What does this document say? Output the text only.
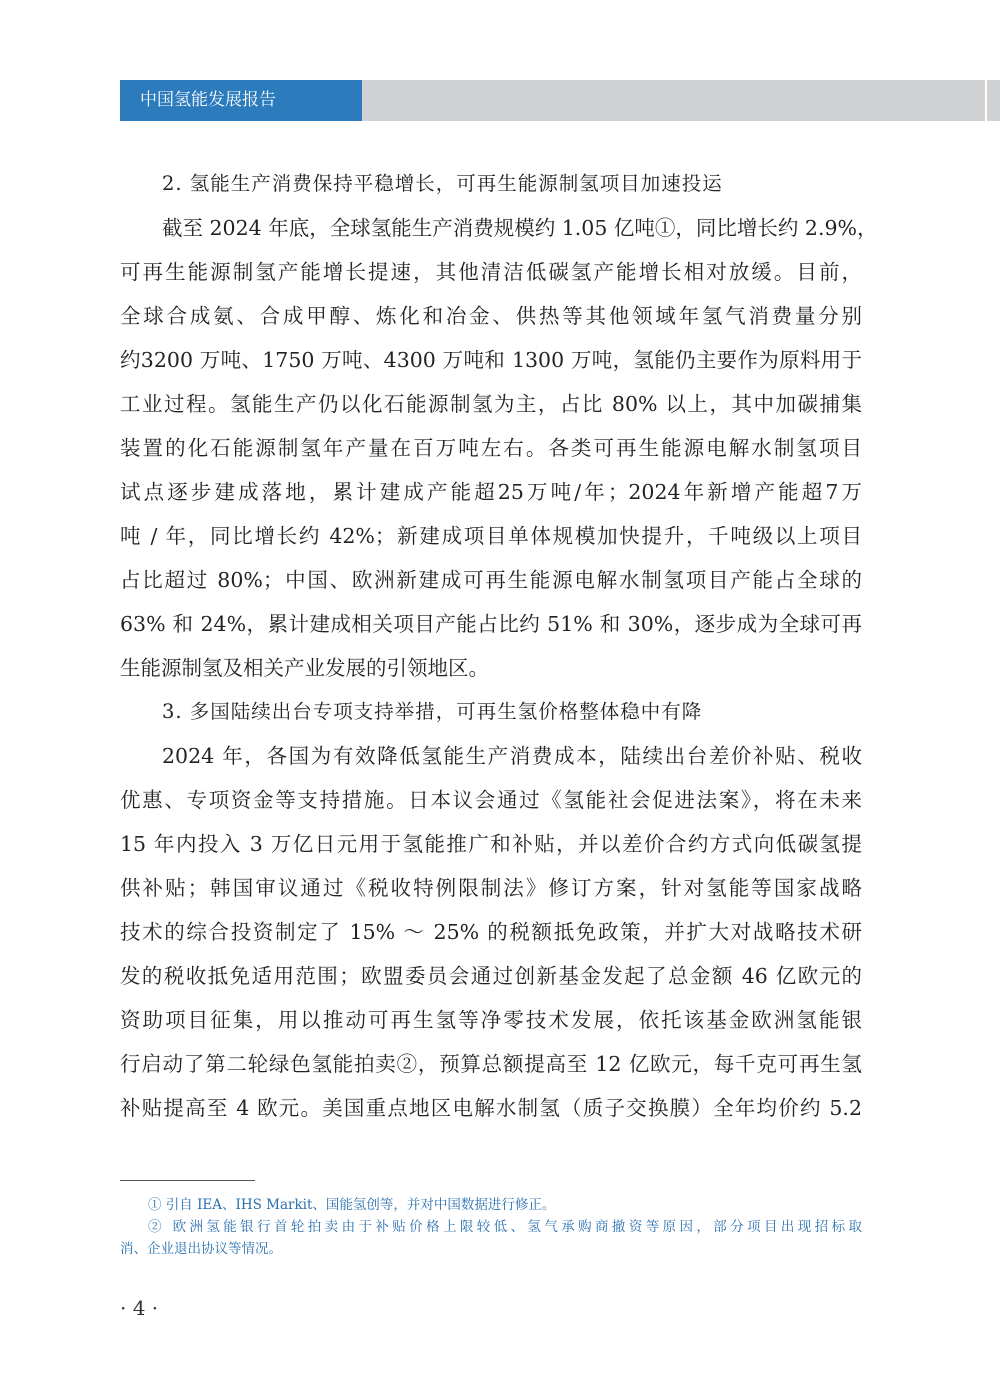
中国氢能发展报告
2. 氢能生产消费保持平稳增长，可再生能源制氢项目加速投运
截至 2024 年底，全球氢能生产消费规模约 1.05 亿吨①，同比增长约 2.9%，
可再生能源制氢产能增长提速，其他清洁低碳氢产能增长相对放缓。目前，
全球合成氨、合成甲醇、炼化和冶金、供热等其他领域年氢气消费量分别
约3200 万吨、1750 万吨、4300 万吨和 1300 万吨，氢能仍主要作为原料用于
工业过程。氢能生产仍以化石能源制氢为主，占比 80% 以上，其中加碳捕集
装置的化石能源制氢年产量在百万吨左右。各类可再生能源电解水制氢项目
试点逐步建成落地，累计建成产能超25万吨/年；2024年新增产能超7万
吨 / 年，同比增长约 42%；新建成项目单体规模加快提升，千吨级以上项目
占比超过 80%；中国、欧洲新建成可再生能源电解水制氢项目产能占全球的
63% 和 24%，累计建成相关项目产能占比约 51% 和 30%，逐步成为全球可再
生能源制氢及相关产业发展的引领地区。
3. 多国陆续出台专项支持举措，可再生氢价格整体稳中有降
2024 年，各国为有效降低氢能生产消费成本，陆续出台差价补贴、税收
优惠、专项资金等支持措施。日本议会通过《氢能社会促进法案》，将在未来
15 年内投入 3 万亿日元用于氢能推广和补贴，并以差价合约方式向低碳氢提
供补贴；韩国审议通过《税收特例限制法》修订方案，针对氢能等国家战略
技术的综合投资制定了 15% ～ 25% 的税额抵免政策，并扩大对战略技术研
发的税收抵免适用范围；欧盟委员会通过创新基金发起了总金额 46 亿欧元的
资助项目征集，用以推动可再生氢等净零技术发展，依托该基金欧洲氢能银
行启动了第二轮绿色氢能拍卖②，预算总额提高至 12 亿欧元，每千克可再生氢
补贴提高至 4 欧元。美国重点地区电解水制氢（质子交换膜）全年均价约 5.2
① 引自 IEA、IHS Markit、国能氢创等，并对中国数据进行修正。
② 欧洲氢能银行首轮拍卖由于补贴价格上限较低、氢气承购商撤资等原因，部分项目出现招标取
消、企业退出协议等情况。
· 4 ·
